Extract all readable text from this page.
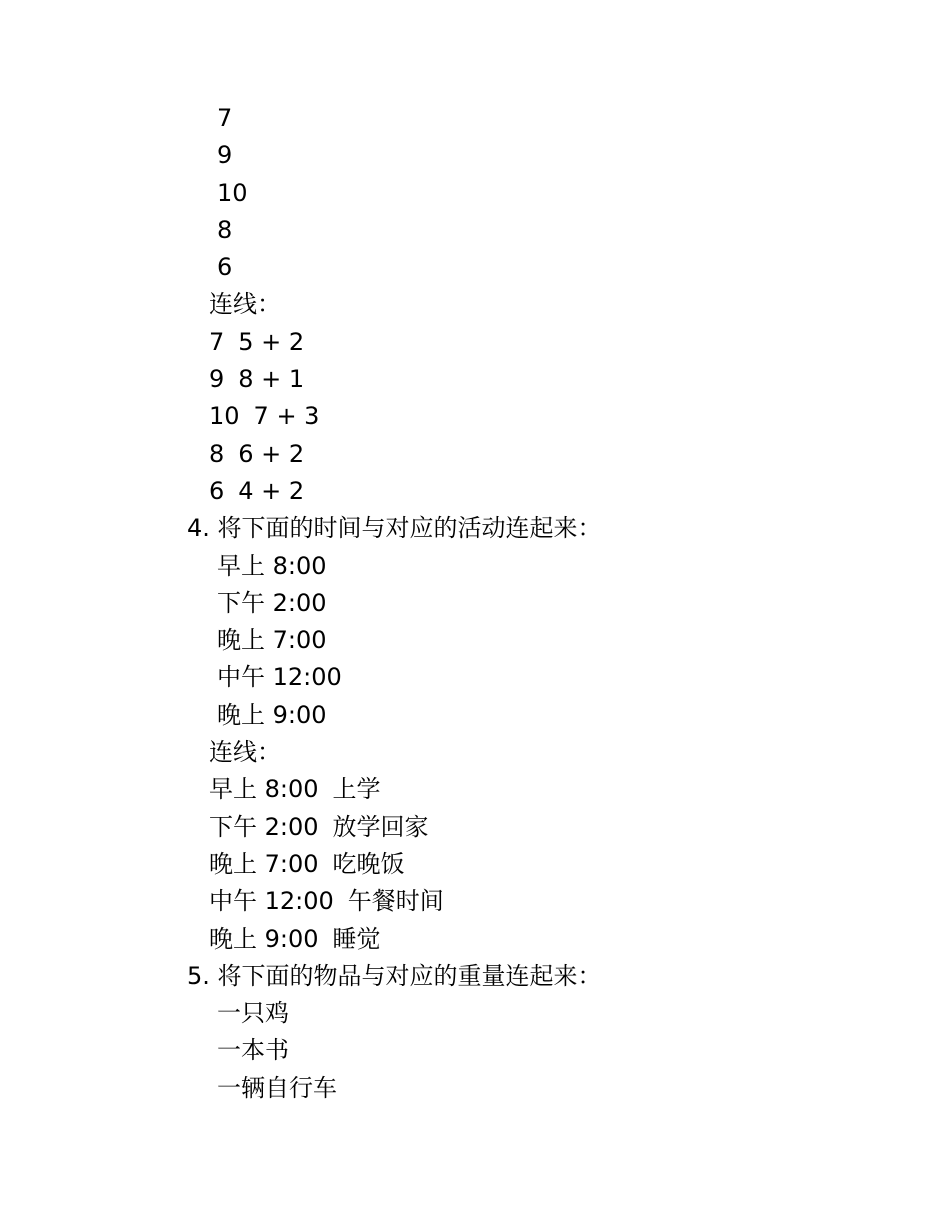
7
9
10
8
6
连线：
7 5 + 2
9 8 + 1
10 7 + 3
8 6 + 2
6 4 + 2
4. 将下面的时间与对应的活动连起来：
早上 8:00
下午 2:00
晚上 7:00
中午 12:00
晚上 9:00
连线：
早上 8:00 上学
下午 2:00 放学回家
晚上 7:00 吃晚饭
中午 12:00 午餐时间
晚上 9:00 睡觉
5. 将下面的物品与对应的重量连起来：
一只鸡
一本书
一辆自行车
